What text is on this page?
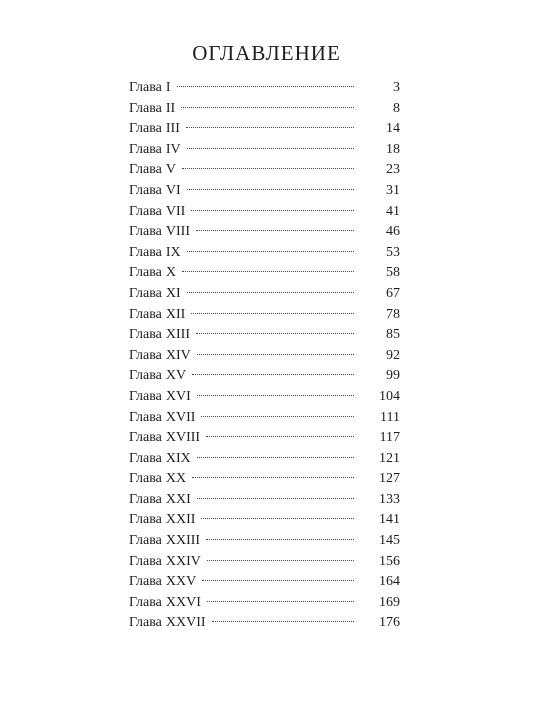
ОГЛАВЛЕНИЕ
Глава I	3
Глава II	8
Глава III	14
Глава IV	18
Глава V	23
Глава VI	31
Глава VII	41
Глава VIII	46
Глава IX	53
Глава X	58
Глава XI	67
Глава XII	78
Глава XIII	85
Глава XIV	92
Глава XV	99
Глава XVI	104
Глава XVII	111
Глава XVIII	117
Глава XIX	121
Глава XX	127
Глава XXI	133
Глава XXII	141
Глава XXIII	145
Глава XXIV	156
Глава XXV	164
Глава XXVI	169
Глава XXVII	176
